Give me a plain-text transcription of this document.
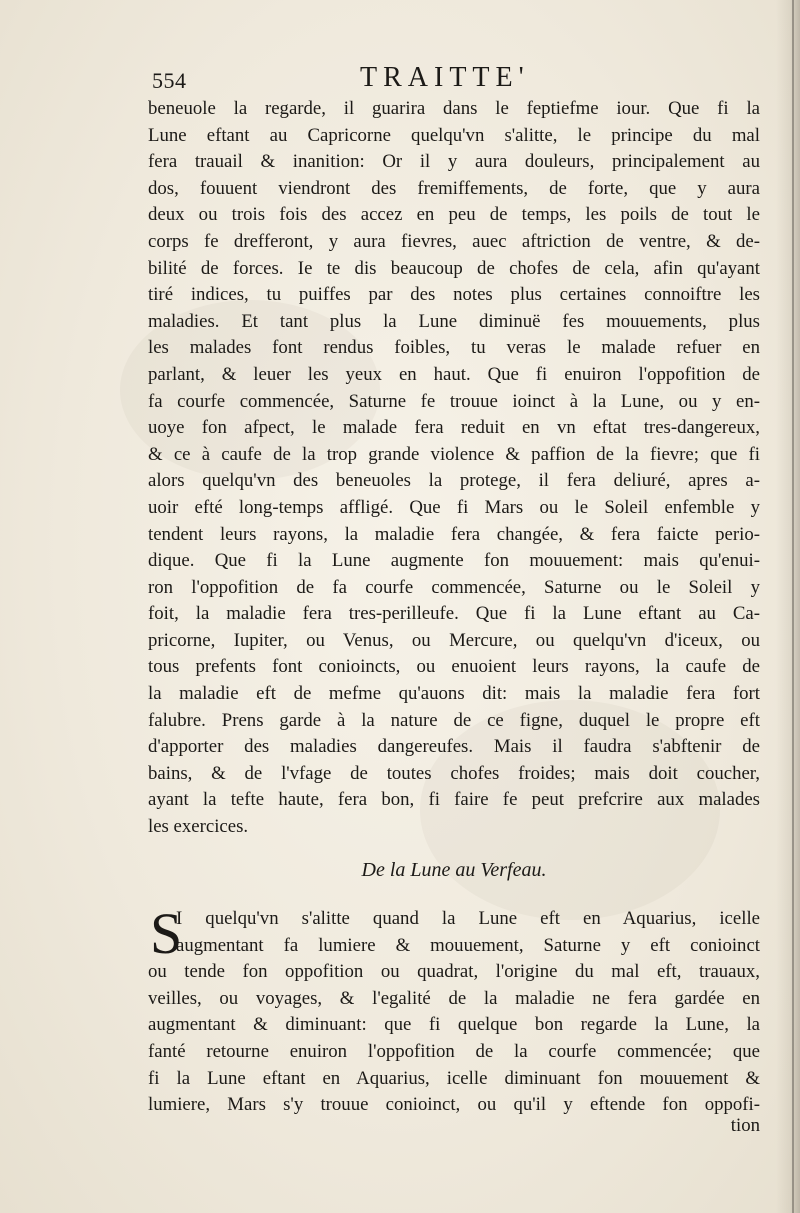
554	TRAITTE'
beneuole la regarde, il guarira dans le feptiefme iour. Que fi la
Lune eftant au Capricorne quelqu'vn s'alitte, le principe du mal
fera trauail & inanition: Or il y aura douleurs, principalement au
dos, fouuent viendront des fremiffements, de forte, que y aura
deux ou trois fois des accez en peu de temps, les poils de tout le
corps fe drefferont, y aura fievres, auec aftriction de ventre, & de-
bilité de forces. Ie te dis beaucoup de chofes de cela, afin qu'ayant
tiré indices, tu puiffes par des notes plus certaines connoiftre les
maladies. Et tant plus la Lune diminuë fes mouuements, plus
les malades font rendus foibles, tu veras le malade refuer en
parlant, & leuer les yeux en haut. Que fi enuiron l'oppofition de
fa courfe commencée, Saturne fe trouue ioinct à la Lune, ou y en-
uoye fon afpect, le malade fera reduit en vn eftat tres-dangereux,
& ce à caufe de la trop grande violence & paffion de la fievre; que fi
alors quelqu'vn des beneuoles la protege, il fera deliuré, apres a-
uoir efté long-temps affligé. Que fi Mars ou le Soleil enfemble y
tendent leurs rayons, la maladie fera changée, & fera faicte perio-
dique. Que fi la Lune augmente fon mouuement: mais qu'enui-
ron l'oppofition de fa courfe commencée, Saturne ou le Soleil y
foit, la maladie fera tres-perilleufe. Que fi la Lune eftant au Ca-
pricorne, Iupiter, ou Venus, ou Mercure, ou quelqu'vn d'iceux, ou
tous prefents font conioincts, ou enuoient leurs rayons, la caufe de
la maladie eft de mefme qu'auons dit: mais la maladie fera fort
falubre. Prens garde à la nature de ce figne, duquel le propre eft
d'apporter des maladies dangereufes. Mais il faudra s'abftenir de
bains, & de l'vfage de toutes chofes froides; mais doit coucher,
ayant la tefte haute, fera bon, fi faire fe peut prefcrire aux malades
les exercices.
De la Lune au Verfeau.
S
I quelqu'vn s'alitte quand la Lune eft en Aquarius, icelle
augmentant fa lumiere & mouuement, Saturne y eft conioinct
ou tende fon oppofition ou quadrat, l'origine du mal eft, trauaux,
veilles, ou voyages, & l'egalité de la maladie ne fera gardée en
augmentant & diminuant: que fi quelque bon regarde la Lune, la
fanté retourne enuiron l'oppofition de la courfe commencée; que
fi la Lune eftant en Aquarius, icelle diminuant fon mouuement &
lumiere, Mars s'y trouue conioinct, ou qu'il y eftende fon oppofi-
tion
